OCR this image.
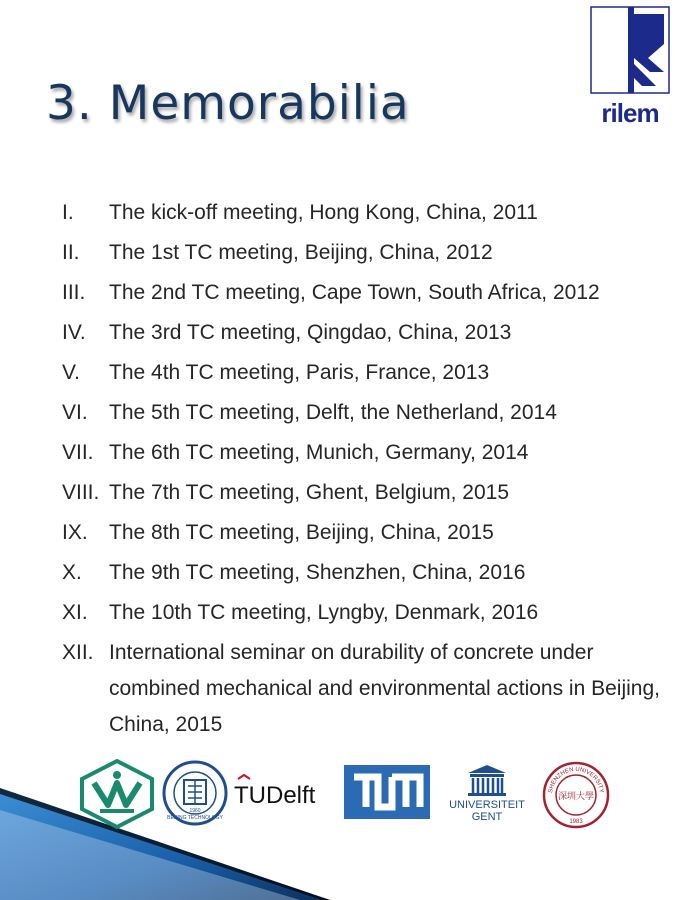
3. Memorabilia	rilem
I.	The kick-off meeting, Hong Kong, China, 2011
II.	The 1st TC meeting, Beijing, China, 2012
III.	The 2nd TC meeting, Cape Town, South Africa, 2012
IV.	The 3rd TC meeting, Qingdao, China, 2013
V.	The 4th TC meeting, Paris, France, 2013
VI.	The 5th TC meeting, Delft, the Netherland, 2014
VII. The 6th TC meeting, Munich, Germany, 2014
VIII. The 7th TC meeting, Ghent, Belgium, 2015
IX.	The 8th TC meeting, Beijing, China, 2015
X.	The 9th TC meeting, Shenzhen, China, 2016
XI.	The 10th TC meeting, Lyngby, Denmark, 2016
XII. International seminar on durability of concrete under combined mechanical and environmental actions in Beijing, China, 2015
BEIJING TECHNOLOGY
1960
TUDelft	UNIVERSITEIT
GENT
SHENZHEN UNIVERSITY
深圳大學
1983
